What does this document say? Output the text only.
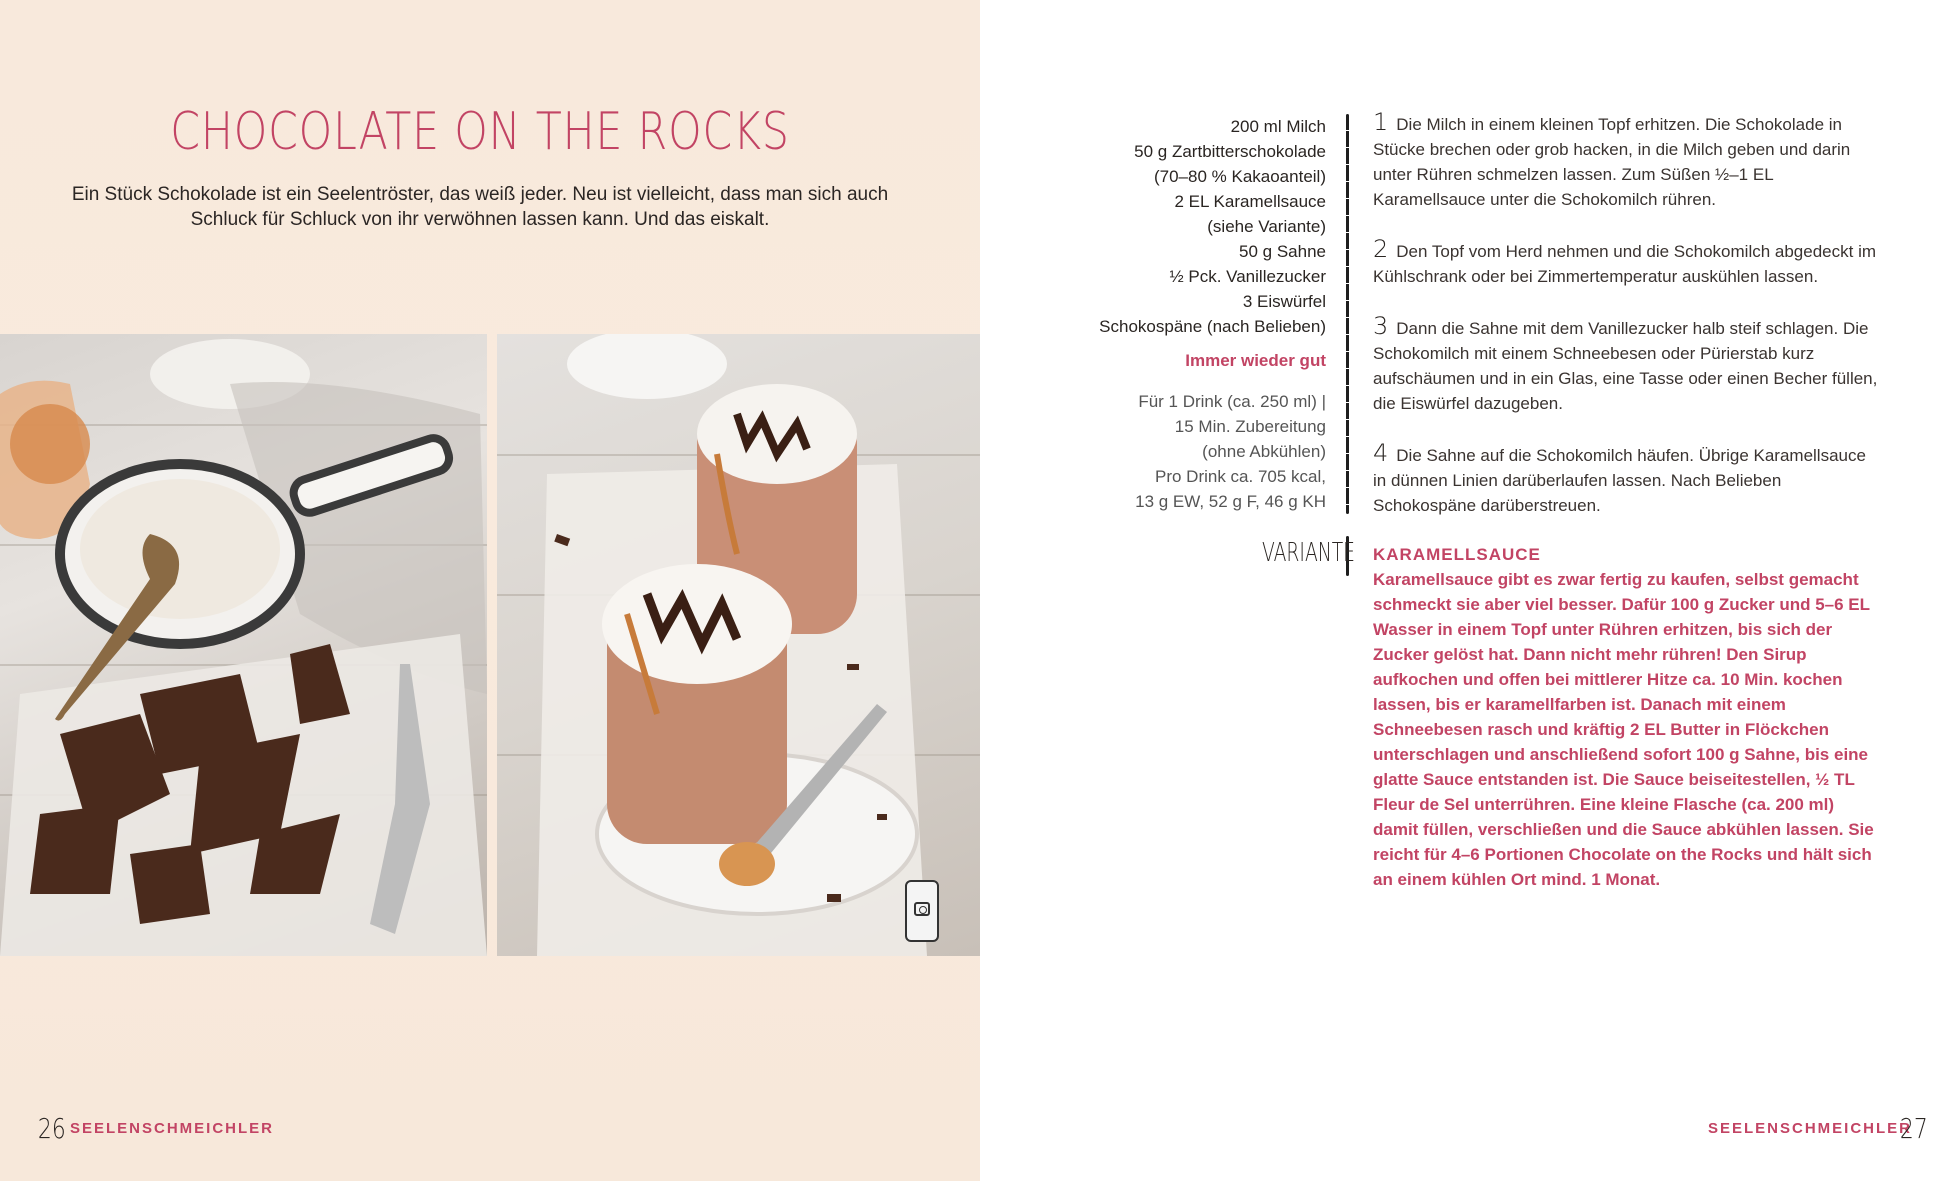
CHOCOLATE ON THE ROCKS
Ein Stück Schokolade ist ein Seelentröster, das weiß jeder. Neu ist vielleicht, dass man sich auch Schluck für Schluck von ihr verwöhnen lassen kann. Und das eiskalt.
26 SEELENSCHMEICHLER
200 ml Milch
50 g Zartbitterschokolade
(70–80 % Kakaoanteil)
2 EL Karamellsauce
(siehe Variante)
50 g Sahne
½ Pck. Vanillezucker
3 Eiswürfel
Schokospäne (nach Belieben)
Immer wieder gut
Für 1 Drink (ca. 250 ml) |
15 Min. Zubereitung
(ohne Abkühlen)
Pro Drink ca. 705 kcal,
13 g EW, 52 g F, 46 g KH
1 Die Milch in einem kleinen Topf erhitzen. Die Schokolade in Stücke brechen oder grob hacken, in die Milch geben und darin unter Rühren schmelzen lassen. Zum Süßen ½–1 EL Karamellsauce unter die Schokomilch rühren.
2 Den Topf vom Herd nehmen und die Schokomilch abgedeckt im Kühlschrank oder bei Zimmertemperatur auskühlen lassen.
3 Dann die Sahne mit dem Vanillezucker halb steif schlagen. Die Schokomilch mit einem Schneebesen oder Pürierstab kurz aufschäumen und in ein Glas, eine Tasse oder einen Becher füllen, die Eiswürfel dazugeben.
4 Die Sahne auf die Schokomilch häufen. Übrige Karamellsauce in dünnen Linien darüberlaufen lassen. Nach Belieben Schokospäne darüberstreuen.
VARIANTE KARAMELLSAUCE
Karamellsauce gibt es zwar fertig zu kaufen, selbst gemacht schmeckt sie aber viel besser. Dafür 100 g Zucker und 5–6 EL Wasser in einem Topf unter Rühren erhitzen, bis sich der Zucker gelöst hat. Dann nicht mehr rühren! Den Sirup aufkochen und offen bei mittlerer Hitze ca. 10 Min. kochen lassen, bis er karamellfarben ist. Danach mit einem Schneebesen rasch und kräftig 2 EL Butter in Flöckchen unterschlagen und anschließend sofort 100 g Sahne, bis eine glatte Sauce entstanden ist. Die Sauce beiseitestellen, ½ TL Fleur de Sel unterrühren. Eine kleine Flasche (ca. 200 ml) damit füllen, verschließen und die Sauce abkühlen lassen. Sie reicht für 4–6 Portionen Chocolate on the Rocks und hält sich an einem kühlen Ort mind. 1 Monat.
SEELENSCHMEICHLER
27
